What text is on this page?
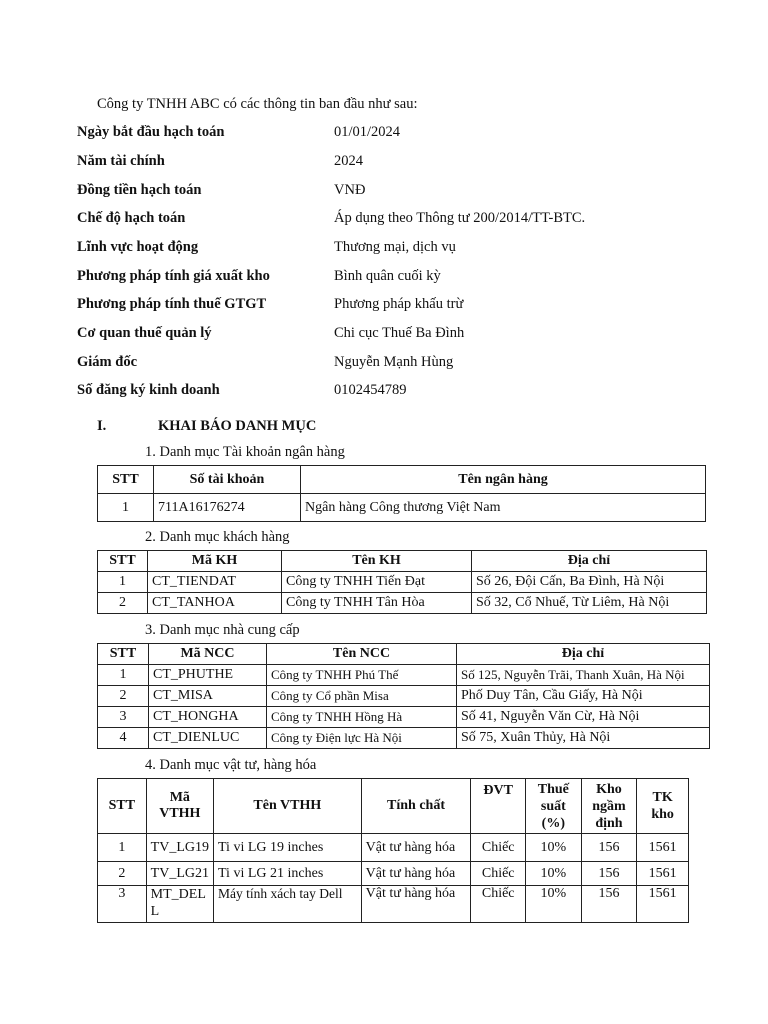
Công ty TNHH ABC có các thông tin ban đầu như sau:
Ngày bắt đầu hạch toán	01/01/2024
Năm tài chính	2024
Đồng tiền hạch toán	VNĐ
Chế độ hạch toán	Áp dụng theo Thông tư 200/2014/TT-BTC.
Lĩnh vực hoạt động	Thương mại, dịch vụ
Phương pháp tính giá xuất kho	Bình quân cuối kỳ
Phương pháp tính thuế GTGT	Phương pháp khấu trừ
Cơ quan thuế quản lý	Chi cục Thuế Ba Đình
Giám đốc	Nguyễn Mạnh Hùng
Số đăng ký kinh doanh	0102454789
I.	KHAI BÁO DANH MỤC
1. Danh mục Tài khoản ngân hàng
STT	Số tài khoản	Tên ngân hàng
1	711A16176274	Ngân hàng Công thương Việt Nam
2. Danh mục khách hàng
STT	Mã KH	Tên KH	Địa chỉ
1	CT_TIENDAT	Công ty TNHH Tiến Đạt	Số 26, Đội Cấn, Ba Đình, Hà Nội
2	CT_TANHOA	Công ty TNHH Tân Hòa	Số 32, Cổ Nhuế, Từ Liêm, Hà Nội
3. Danh mục nhà cung cấp
STT	Mã NCC	Tên NCC	Địa chỉ
1	CT_PHUTHE	Công ty TNHH Phú Thế	Số 125, Nguyễn Trãi, Thanh Xuân, Hà Nội
2	CT_MISA	Công ty Cổ phần Misa	Phố Duy Tân, Cầu Giấy, Hà Nội
3	CT_HONGHA	Công ty TNHH Hồng Hà	Số 41, Nguyễn Văn Cừ, Hà Nội
4	CT_DIENLUC	Công ty Điện lực Hà Nội	Số 75, Xuân Thủy, Hà Nội
4. Danh mục vật tư, hàng hóa
STT	Mã VTHH	Tên VTHH	Tính chất	ĐVT	Thuế suất (%)	Kho ngầm định	TK kho
1	TV_LG19	Ti vi LG 19 inches	Vật tư hàng hóa	Chiếc	10%	156	1561
2	TV_LG21	Ti vi LG 21 inches	Vật tư hàng hóa	Chiếc	10%	156	1561
3	MT_DELL	Máy tính xách tay Dell	Vật tư hàng hóa	Chiếc	10%	156	1561
